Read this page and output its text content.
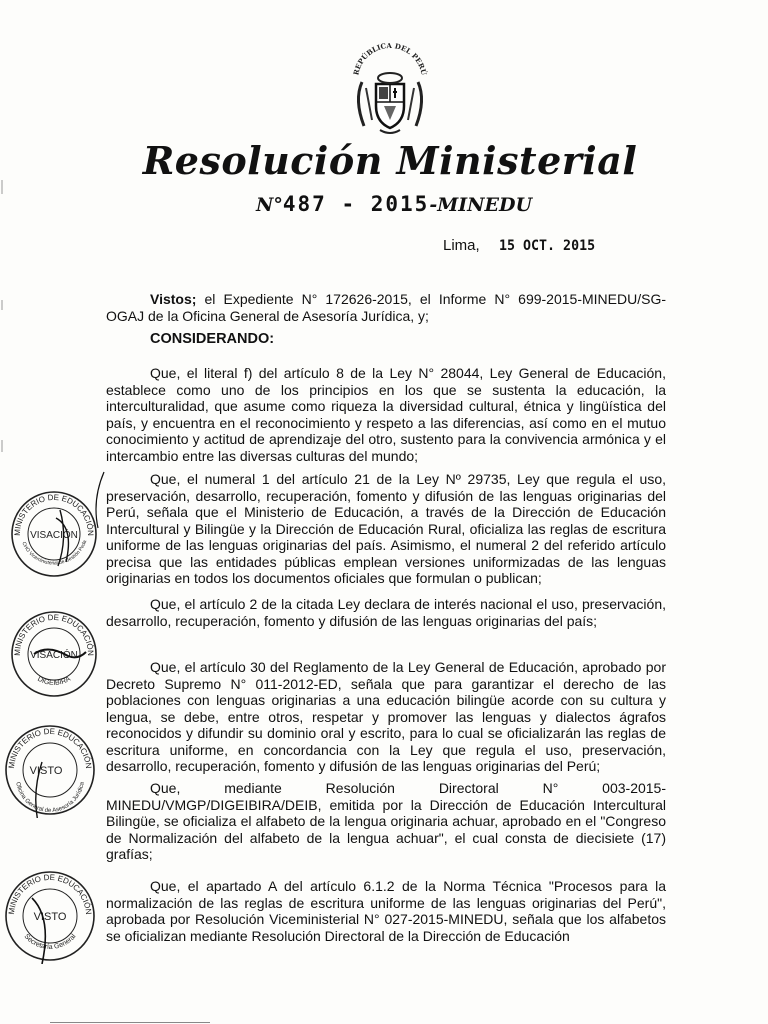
REPÚBLICA DEL PERÚ
Resolución Ministerial
N°487 - 2015-MINEDU
Lima, 15 OCT. 2015
Vistos; el Expediente N° 172626-2015, el Informe N° 699-2015-MINEDU/SG-OGAJ de la Oficina General de Asesoría Jurídica, y;
CONSIDERANDO:
Que, el literal f) del artículo 8 de la Ley N° 28044, Ley General de Educación, establece como uno de los principios en los que se sustenta la educación, la interculturalidad, que asume como riqueza la diversidad cultural, étnica y lingüística del país, y encuentra en el reconocimiento y respeto a las diferencias, así como en el mutuo conocimiento y actitud de aprendizaje del otro, sustento para la convivencia armónica y el intercambio entre las diversas culturas del mundo;
Que, el numeral 1 del artículo 21 de la Ley Nº 29735, Ley que regula el uso, preservación, desarrollo, recuperación, fomento y difusión de las lenguas originarias del Perú, señala que el Ministerio de Educación, a través de la Dirección de Educación Intercultural y Bilingüe y la Dirección de Educación Rural, oficializa las reglas de escritura uniforme de las lenguas originarias del país. Asimismo, el numeral 2 del referido artículo precisa que las entidades públicas emplean versiones uniformizadas de las lenguas originarias en todos los documentos oficiales que formulan o publican;
Que, el artículo 2 de la citada Ley declara de interés nacional el uso, preservación, desarrollo, recuperación, fomento y difusión de las lenguas originarias del país;
Que, el artículo 30 del Reglamento de la Ley General de Educación, aprobado por Decreto Supremo N° 011-2012-ED, señala que para garantizar el derecho de las poblaciones con lenguas originarias a una educación bilingüe acorde con su cultura y lengua, se debe, entre otros, respetar y promover las lenguas y dialectos ágrafos reconocidos y difundir su dominio oral y escrito, para lo cual se oficializarán las reglas de escritura uniforme, en concordancia con la Ley que regula el uso, preservación, desarrollo, recuperación, fomento y difusión de las lenguas originarias del Perú;
Que, mediante Resolución Directoral N° 003-2015-MINEDU/VMGP/DIGEIBIRA/DEIB, emitida por la Dirección de Educación Intercultural Bilingüe, se oficializa el alfabeto de la lengua originaria achuar, aprobado en el "Congreso de Normalización del alfabeto de la lengua achuar", el cual consta de diecisiete (17) grafías;
Que, el apartado A del artículo 6.1.2 de la Norma Técnica "Procesos para la normalización de las reglas de escritura uniforme de las lenguas originarias del Perú", aprobada por Resolución Viceministerial N° 027-2015-MINEDU, señala que los alfabetos se oficializan mediante Resolución Directoral de la Dirección de Educación
MINISTERIO DE EDUCACIÓN
VISACIÓN
CHO Viceministerial de Gestión Peda
MINISTERIO DE EDUCACIÓN
VISACIÓN
DIGEIBIRA
MINISTERIO DE EDUCACIÓN
VISTO
Oficina General de Asesoría Jurídica
MINISTERIO DE EDUCACIÓN
VISTO
Secretaría General
